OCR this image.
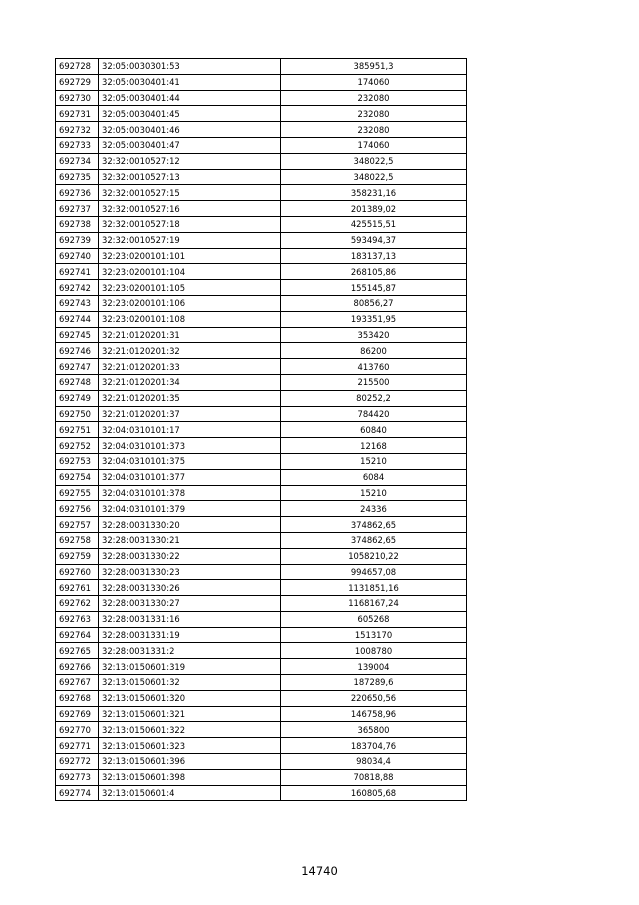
692728	32:05:0030301:53	385951,3
692729	32:05:0030401:41	174060
692730	32:05:0030401:44	232080
692731	32:05:0030401:45	232080
692732	32:05:0030401:46	232080
692733	32:05:0030401:47	174060
692734	32:32:0010527:12	348022,5
692735	32:32:0010527:13	348022,5
692736	32:32:0010527:15	358231,16
692737	32:32:0010527:16	201389,02
692738	32:32:0010527:18	425515,51
692739	32:32:0010527:19	593494,37
692740	32:23:0200101:101	183137,13
692741	32:23:0200101:104	268105,86
692742	32:23:0200101:105	155145,87
692743	32:23:0200101:106	80856,27
692744	32:23:0200101:108	193351,95
692745	32:21:0120201:31	353420
692746	32:21:0120201:32	86200
692747	32:21:0120201:33	413760
692748	32:21:0120201:34	215500
692749	32:21:0120201:35	80252,2
692750	32:21:0120201:37	784420
692751	32:04:0310101:17	60840
692752	32:04:0310101:373	12168
692753	32:04:0310101:375	15210
692754	32:04:0310101:377	6084
692755	32:04:0310101:378	15210
692756	32:04:0310101:379	24336
692757	32:28:0031330:20	374862,65
692758	32:28:0031330:21	374862,65
692759	32:28:0031330:22	1058210,22
692760	32:28:0031330:23	994657,08
692761	32:28:0031330:26	1131851,16
692762	32:28:0031330:27	1168167,24
692763	32:28:0031331:16	605268
692764	32:28:0031331:19	1513170
692765	32:28:0031331:2	1008780
692766	32:13:0150601:319	139004
692767	32:13:0150601:32	187289,6
692768	32:13:0150601:320	220650,56
692769	32:13:0150601:321	146758,96
692770	32:13:0150601:322	365800
692771	32:13:0150601:323	183704,76
692772	32:13:0150601:396	98034,4
692773	32:13:0150601:398	70818,88
692774	32:13:0150601:4	160805,68
14740
